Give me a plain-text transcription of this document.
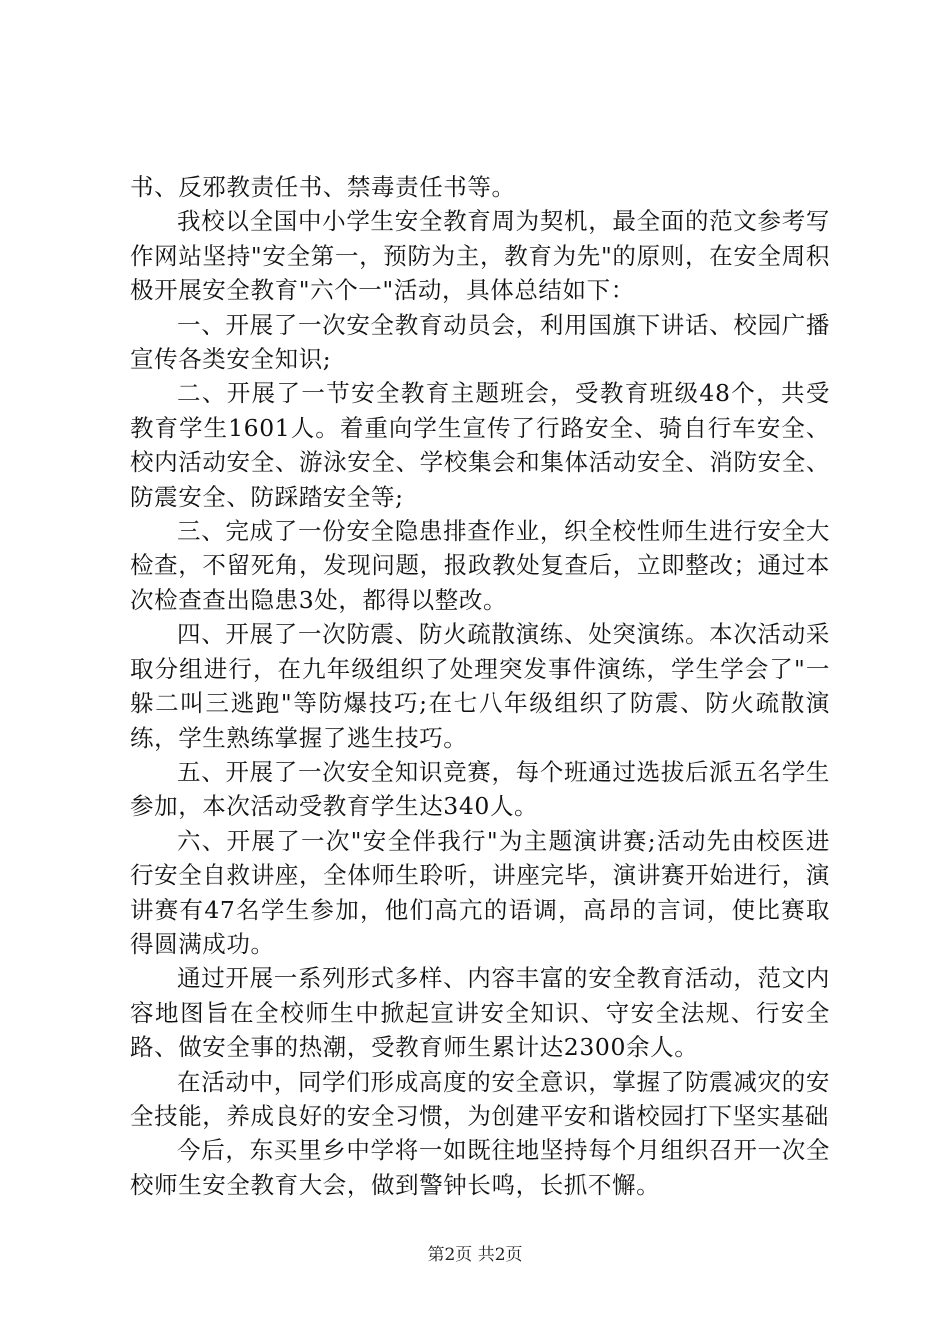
书、反邪教责任书、禁毒责任书等。

我校以全国中小学生安全教育周为契机，最全面的范文参考写作网站坚持"安全第一，预防为主，教育为先"的原则，在安全周积极开展安全教育"六个一"活动，具体总结如下：

一、开展了一次安全教育动员会，利用国旗下讲话、校园广播宣传各类安全知识;

二、开展了一节安全教育主题班会，受教育班级48个，共受教育学生1601人。着重向学生宣传了行路安全、骑自行车安全、校内活动安全、游泳安全、学校集会和集体活动安全、消防安全、防震安全、防踩踏安全等;

三、完成了一份安全隐患排查作业，织全校性师生进行安全大检查，不留死角，发现问题，报政教处复查后，立即整改；通过本次检查查出隐患3处，都得以整改。

四、开展了一次防震、防火疏散演练、处突演练。本次活动采取分组进行，在九年级组织了处理突发事件演练，学生学会了"一躲二叫三逃跑"等防爆技巧;在七八年级组织了防震、防火疏散演练，学生熟练掌握了逃生技巧。

五、开展了一次安全知识竞赛，每个班通过选拔后派五名学生参加，本次活动受教育学生达340人。

六、开展了一次"安全伴我行"为主题演讲赛;活动先由校医进行安全自救讲座，全体师生聆听，讲座完毕，演讲赛开始进行，演讲赛有47名学生参加，他们高亢的语调，高昂的言词，使比赛取得圆满成功。

通过开展一系列形式多样、内容丰富的安全教育活动，范文内容地图旨在全校师生中掀起宣讲安全知识、守安全法规、行安全路、做安全事的热潮，受教育师生累计达2300余人。

在活动中，同学们形成高度的安全意识，掌握了防震减灾的安全技能，养成良好的安全习惯，为创建平安和谐校园打下坚实基础

今后，东买里乡中学将一如既往地坚持每个月组织召开一次全校师生安全教育大会，做到警钟长鸣，长抓不懈。

第2页 共2页
